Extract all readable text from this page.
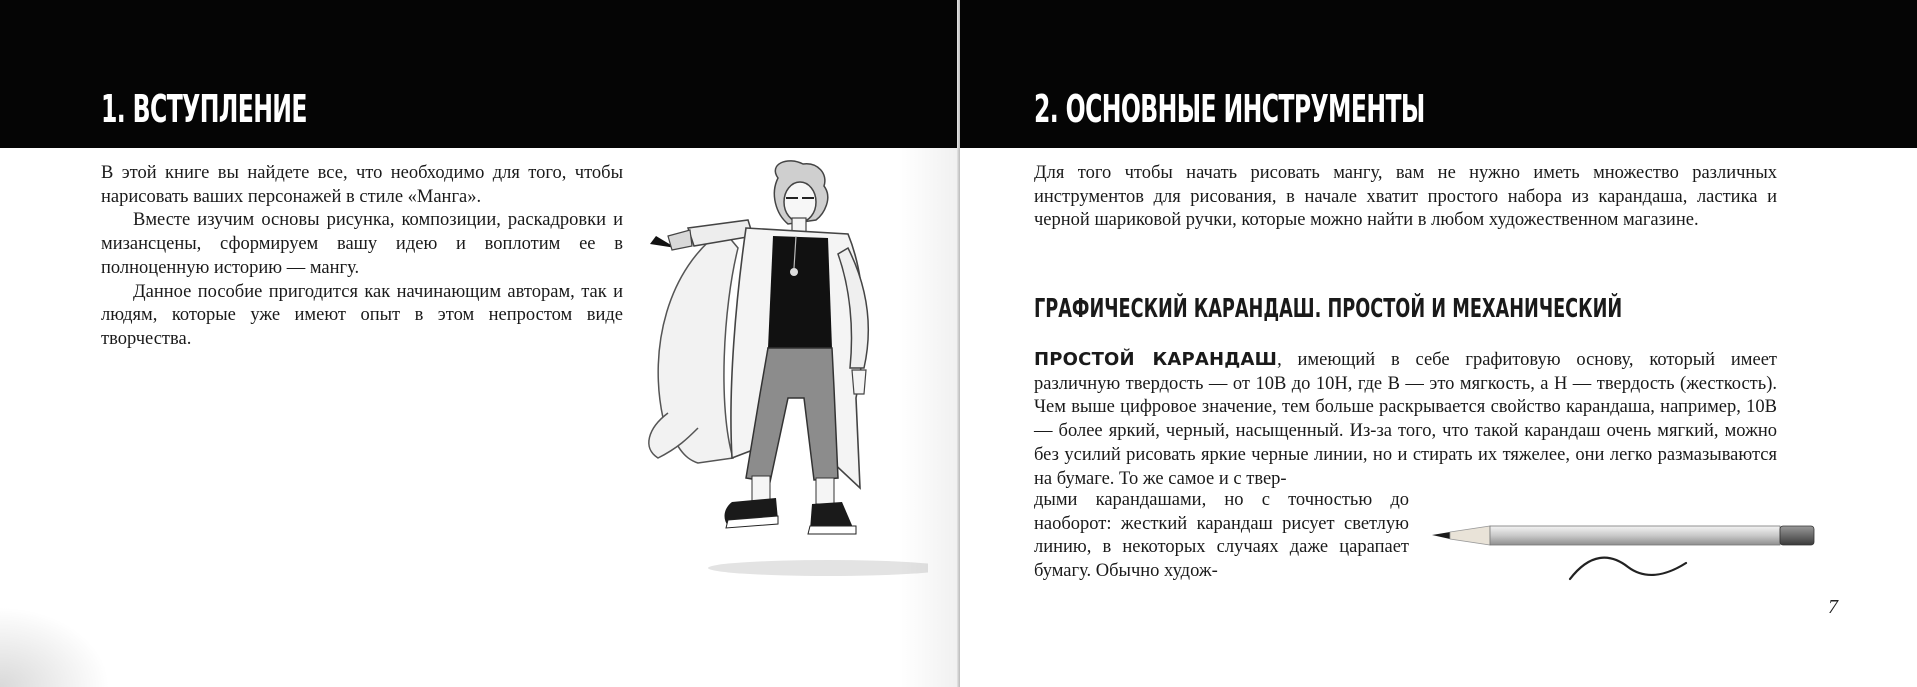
1. ВСТУПЛЕНИЕ

В этой книге вы найдете все, что необходимо для того, чтобы нарисовать ваших персонажей в стиле «Манга».

Вместе изучим основы рисунка, композиции, раскадровки и мизансцены, сформируем вашу идею и воплотим ее в полноценную историю — мангу.

Данное пособие пригодится как начинающим авторам, так и людям, которые уже имеют опыт в этом непростом виде творчества.

2. ОСНОВНЫЕ ИНСТРУМЕНТЫ

Для того чтобы начать рисовать мангу, вам не нужно иметь множество различных инструментов для рисования, в начале хватит простого набора из карандаша, ластика и черной шариковой ручки, которые можно найти в любом художественном магазине.

ГРАФИЧЕСКИЙ КАРАНДАШ. ПРОСТОЙ И МЕХАНИЧЕСКИЙ

ПРОСТОЙ КАРАНДАШ, имеющий в себе графитовую основу, который имеет различную твердость — от 10B до 10H, где B — это мягкость, а H — твердость (жесткость). Чем выше цифровое значение, тем больше раскрывается свойство карандаша, например, 10B — более яркий, черный, насыщенный. Из-за того, что такой карандаш очень мягкий, можно без усилий рисовать яркие черные линии, но и стирать их тяжелее, они легко размазываются на бумаге. То же самое и с твер-

дыми карандашами, но с точностью до наоборот: жесткий карандаш рисует светлую линию, в некоторых случаях даже царапает бумагу. Обычно худож-

7
